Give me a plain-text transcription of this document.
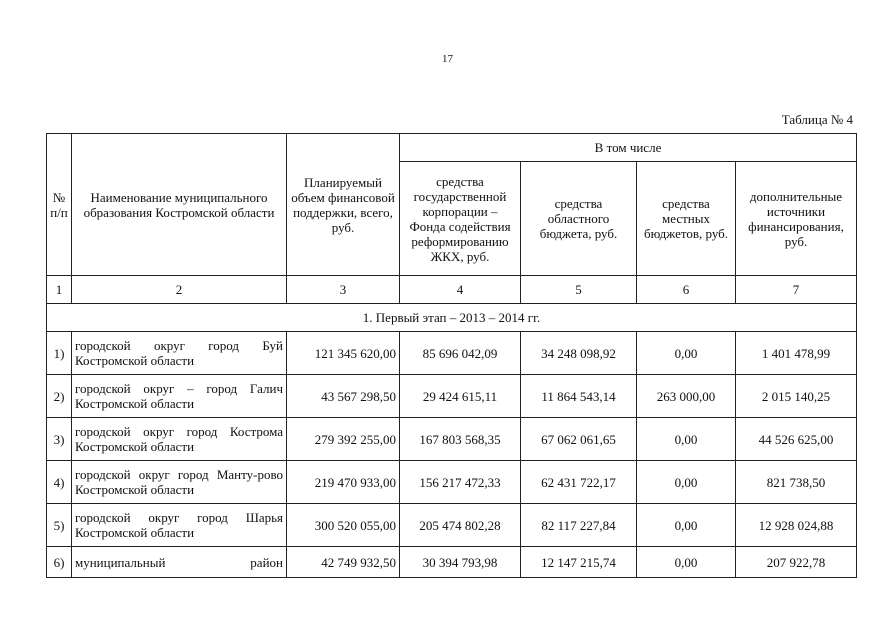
17
Таблица № 4
№ п/п	Наименование муниципального образования Костромской области	Планируемый объем финансовой поддержки, всего, руб.	В том числе			
			средства государственной корпорации – Фонда содействия реформированию ЖКХ, руб.	средства областного бюджета, руб.	средства местных бюджетов, руб.	дополнительные источники финансирования, руб.
1	2	3	4	5	6	7
1. Первый этап – 2013 – 2014 гг.						
1)	городской округ город Буй Костромской области	121 345 620,00	85 696 042,09	34 248 098,92	0,00	1 401 478,99
2)	городской округ – город Галич Костромской области	43 567 298,50	29 424 615,11	11 864 543,14	263 000,00	2 015 140,25
3)	городской округ город Кострома Костромской области	279 392 255,00	167 803 568,35	67 062 061,65	0,00	44 526 625,00
4)	городской округ город Манту-рово Костромской области	219 470 933,00	156 217 472,33	62 431 722,17	0,00	821 738,50
5)	городской округ город Шарья Костромской области	300 520 055,00	205 474 802,28	82 117 227,84	0,00	12 928 024,88
6)	муниципальный район	42 749 932,50	30 394 793,98	12 147 215,74	0,00	207 922,78
